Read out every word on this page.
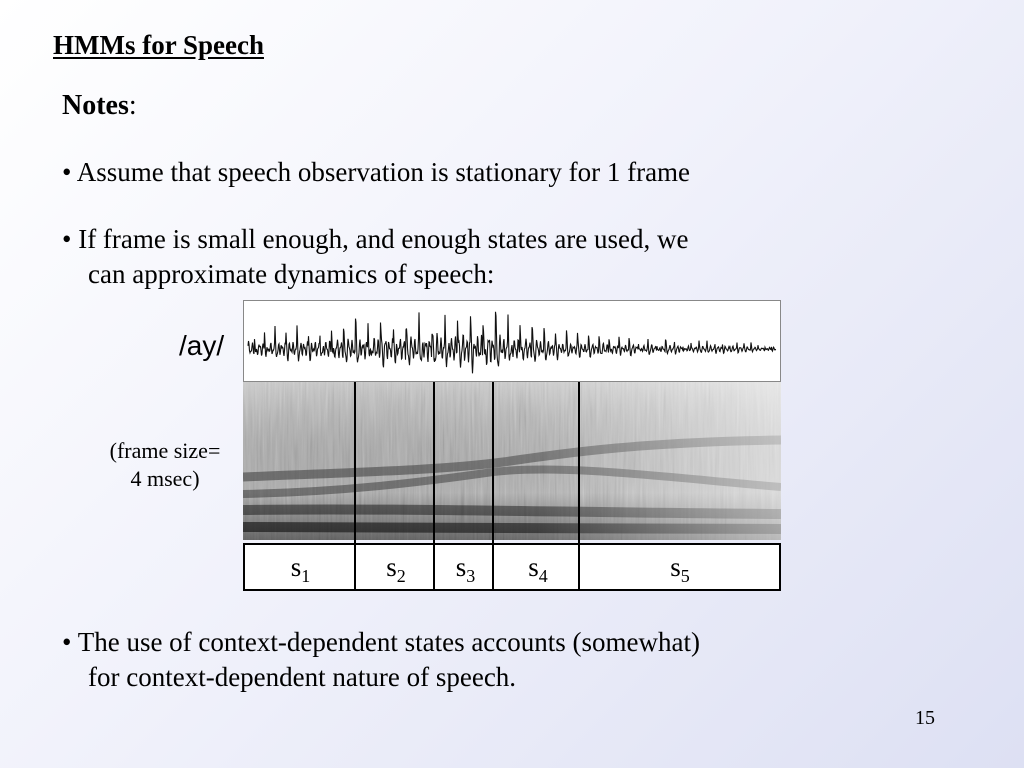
HMMs for Speech
Notes:
• Assume that speech observation is stationary for 1 frame
• If frame is small enough, and enough states are used, we
can approximate dynamics of speech:
/ay/
(frame size=
4 msec)
$s_1$	$s_2$	$s_3$	$s_4$	$s_5$
• The use of context-dependent states accounts (somewhat)
for context-dependent nature of speech.
15
